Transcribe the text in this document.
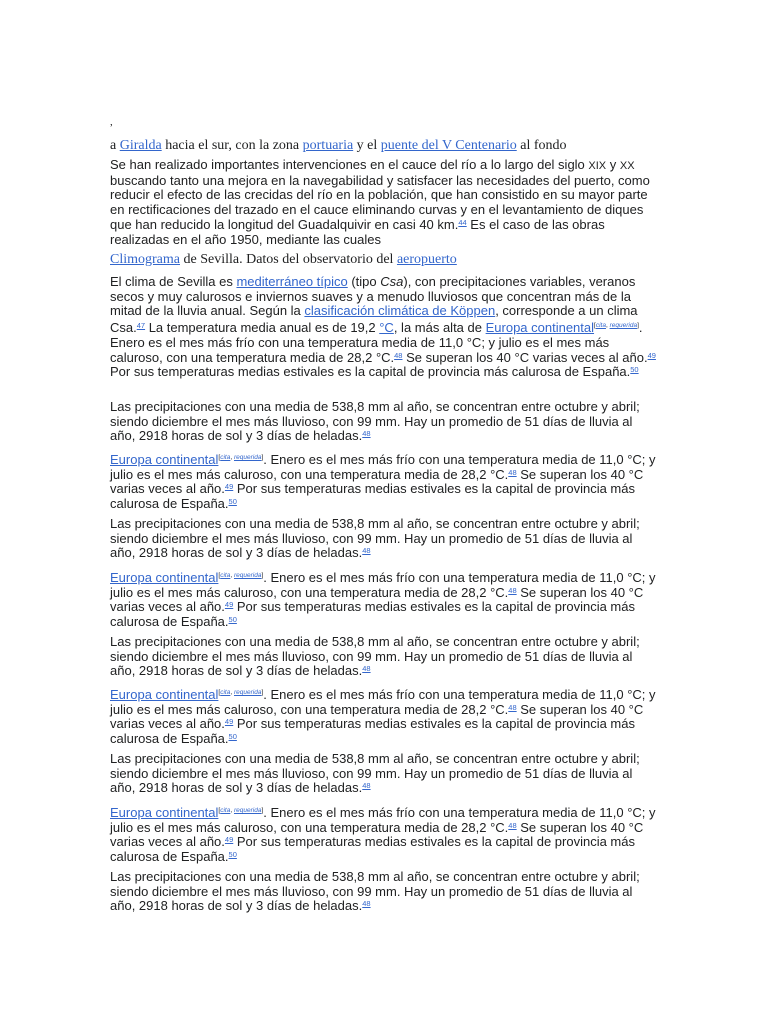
,

a Giralda hacia el sur, con la zona portuaria y el puente del V Centenario al fondo

Se han realizado importantes intervenciones en el cauce del río a lo largo del siglo XIX y XX buscando tanto una mejora en la navegabilidad y satisfacer las necesidades del puerto, como reducir el efecto de las crecidas del río en la población, que han consistido en su mayor parte en rectificaciones del trazado en el cauce eliminando curvas y en el levantamiento de diques que han reducido la longitud del Guadalquivir en casi 40 km.$^{44}$ Es el caso de las obras realizadas en el año 1950, mediante las cuales

Climograma de Sevilla. Datos del observatorio del aeropuerto

El clima de Sevilla es mediterráneo típico (tipo Csa), con precipitaciones variables, veranos secos y muy calurosos e inviernos suaves y a menudo lluviosos que concentran más de la mitad de la lluvia anual. Según la clasificación climática de Köppen, corresponde a un clima Csa.$^{47}$ La temperatura media anual es de 19,2 °C, la más alta de Europa continental[cita, requerida]. Enero es el mes más frío con una temperatura media de 11,0 °C; y julio es el mes más caluroso, con una temperatura media de 28,2 °C.$^{48}$ Se superan los 40 °C varias veces al año.$^{49}$ Por sus temperaturas medias estivales es la capital de provincia más calurosa de España.$^{50}$

Las precipitaciones con una media de 538,8 mm al año, se concentran entre octubre y abril; siendo diciembre el mes más lluvioso, con 99 mm. Hay un promedio de 51 días de lluvia al año, 2918 horas de sol y 3 días de heladas.$^{48}$

Europa continental[cita, requerida]. Enero es el mes más frío con una temperatura media de 11,0 °C; y julio es el mes más caluroso, con una temperatura media de 28,2 °C.$^{48}$ Se superan los 40 °C varias veces al año.$^{49}$ Por sus temperaturas medias estivales es la capital de provincia más calurosa de España.$^{50}$

Las precipitaciones con una media de 538,8 mm al año, se concentran entre octubre y abril; siendo diciembre el mes más lluvioso, con 99 mm. Hay un promedio de 51 días de lluvia al año, 2918 horas de sol y 3 días de heladas.$^{48}$

Europa continental[cita, requerida]. Enero es el mes más frío con una temperatura media de 11,0 °C; y julio es el mes más caluroso, con una temperatura media de 28,2 °C.$^{48}$ Se superan los 40 °C varias veces al año.$^{49}$ Por sus temperaturas medias estivales es la capital de provincia más calurosa de España.$^{50}$

Las precipitaciones con una media de 538,8 mm al año, se concentran entre octubre y abril; siendo diciembre el mes más lluvioso, con 99 mm. Hay un promedio de 51 días de lluvia al año, 2918 horas de sol y 3 días de heladas.$^{48}$

Europa continental[cita, requerida]. Enero es el mes más frío con una temperatura media de 11,0 °C; y julio es el mes más caluroso, con una temperatura media de 28,2 °C.$^{48}$ Se superan los 40 °C varias veces al año.$^{49}$ Por sus temperaturas medias estivales es la capital de provincia más calurosa de España.$^{50}$

Las precipitaciones con una media de 538,8 mm al año, se concentran entre octubre y abril; siendo diciembre el mes más lluvioso, con 99 mm. Hay un promedio de 51 días de lluvia al año, 2918 horas de sol y 3 días de heladas.$^{48}$

Europa continental[cita, requerida]. Enero es el mes más frío con una temperatura media de 11,0 °C; y julio es el mes más caluroso, con una temperatura media de 28,2 °C.$^{48}$ Se superan los 40 °C varias veces al año.$^{49}$ Por sus temperaturas medias estivales es la capital de provincia más calurosa de España.$^{50}$

Las precipitaciones con una media de 538,8 mm al año, se concentran entre octubre y abril; siendo diciembre el mes más lluvioso, con 99 mm. Hay un promedio de 51 días de lluvia al año, 2918 horas de sol y 3 días de heladas.$^{48}$
